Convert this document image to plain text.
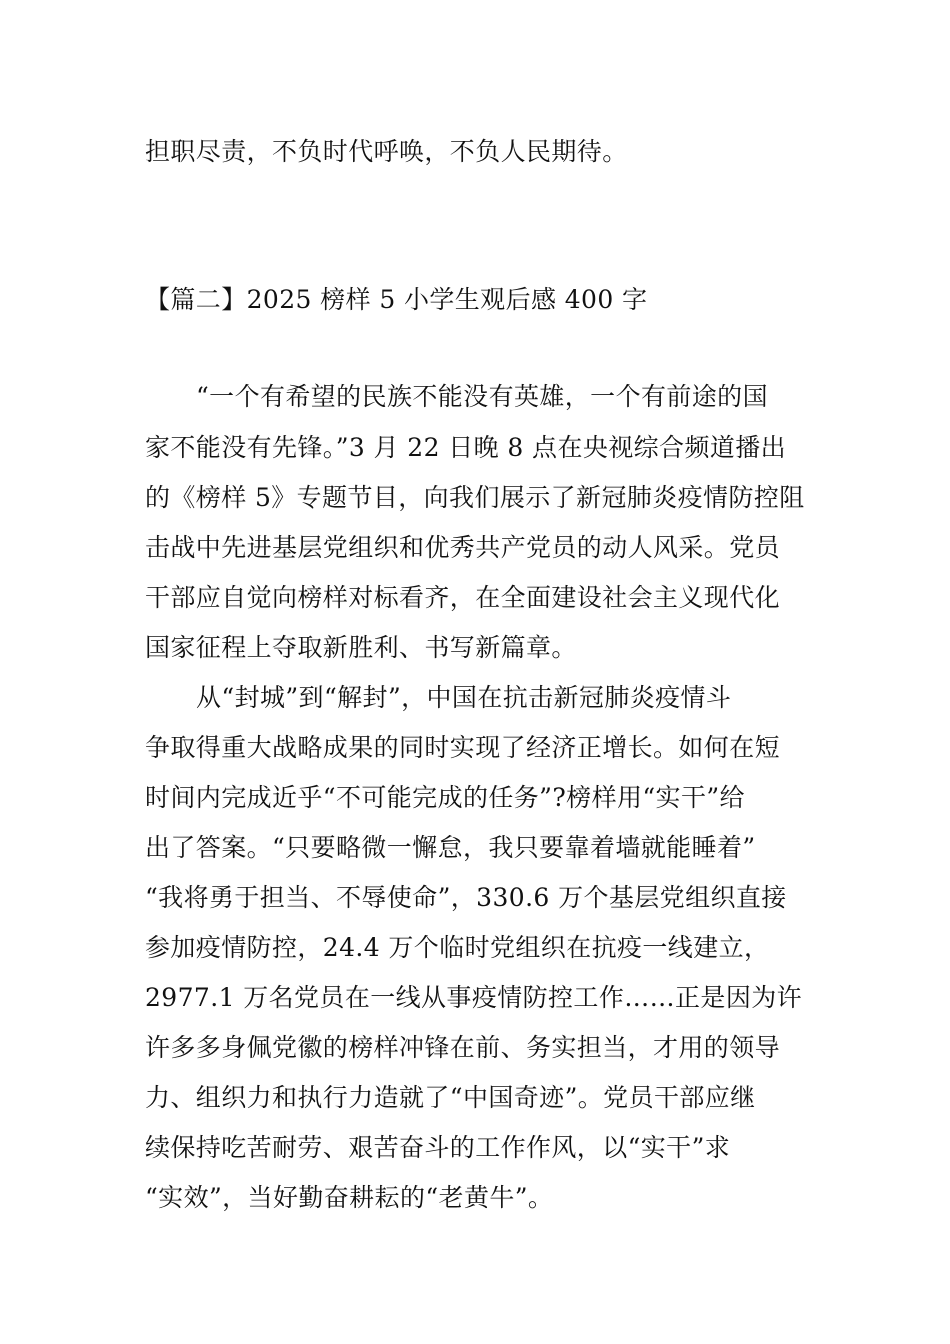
担职尽责，不负时代呼唤，不负人民期待。
【篇二】2025 榜样 5 小学生观后感 400 字
“一个有希望的民族不能没有英雄，一个有前途的国
家不能没有先锋。”3 月 22 日晚 8 点在央视综合频道播出
的《榜样 5》专题节目，向我们展示了新冠肺炎疫情防控阻
击战中先进基层党组织和优秀共产党员的动人风采。党员
干部应自觉向榜样对标看齐，在全面建设社会主义现代化
国家征程上夺取新胜利、书写新篇章。
从“封城”到“解封”，中国在抗击新冠肺炎疫情斗
争取得重大战略成果的同时实现了经济正增长。如何在短
时间内完成近乎“不可能完成的任务”?榜样用“实干”给
出了答案。“只要略微一懈怠，我只要靠着墙就能睡着”
“我将勇于担当、不辱使命”，330.6 万个基层党组织直接
参加疫情防控，24.4 万个临时党组织在抗疫一线建立，
2977.1 万名党员在一线从事疫情防控工作……正是因为许
许多多身佩党徽的榜样冲锋在前、务实担当，才用的领导
力、组织力和执行力造就了“中国奇迹”。党员干部应继
续保持吃苦耐劳、艰苦奋斗的工作作风，以“实干”求
“实效”，当好勤奋耕耘的“老黄牛”。
